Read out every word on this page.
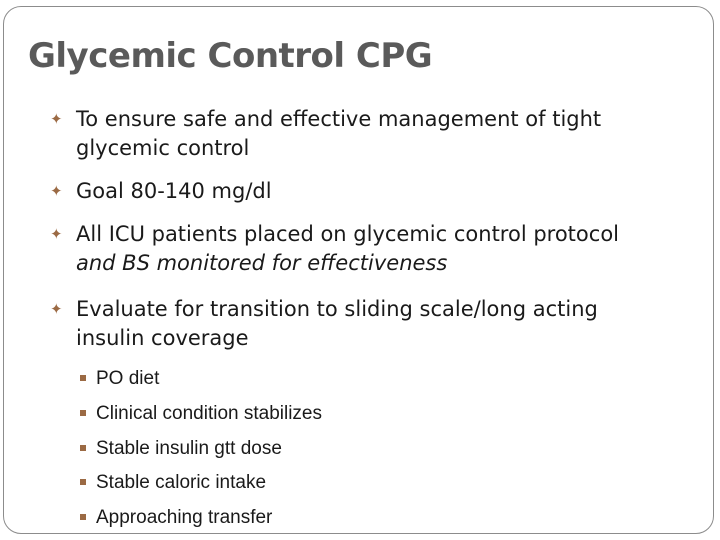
Glycemic Control CPG
✦ To ensure safe and effective management of tight glycemic control
✦ Goal 80-140 mg/dl
✦ All ICU patients placed on glycemic control protocol and BS monitored for effectiveness
✦ Evaluate for transition to sliding scale/long acting insulin coverage
PO diet
Clinical condition stabilizes
Stable insulin gtt dose
Stable caloric intake
Approaching transfer
